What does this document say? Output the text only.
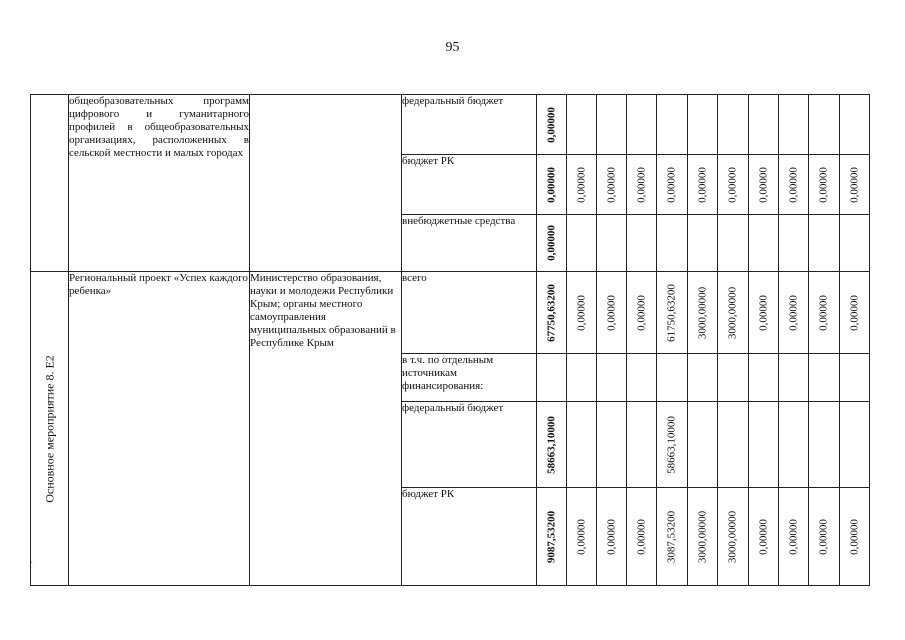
95
´
	общеобразовательных программ цифрового и гуманитарного профилей в общеобразовательных организациях, расположенных в сельской местности и малых городах		федеральный бюджет	0,00000										

			бюджет РК	0,00000	0,00000	0,00000	0,00000	0,00000	0,00000	0,00000	0,00000	0,00000	0,00000	0,00000

			внебюджетные средства	0,00000										

Основное мероприятие 8. Е2	Региональный проект «Успех каждого ребенка»	Министерство образования, науки и молодежи Республики Крым; органы местного самоуправления муниципальных образований в Республике Крым	всего	67750,63200	0,00000	0,00000	0,00000	61750,63200	3000,00000	3000,00000	0,00000	0,00000	0,00000	0,00000

			в т.ч. по отдельным источникам финансирования:	

			федеральный бюджет	58663,10000				58663,10000						

			бюджет РК	9087,53200	0,00000	0,00000	0,00000	3087,53200	3000,00000	3000,00000	0,00000	0,00000	0,00000	0,00000
